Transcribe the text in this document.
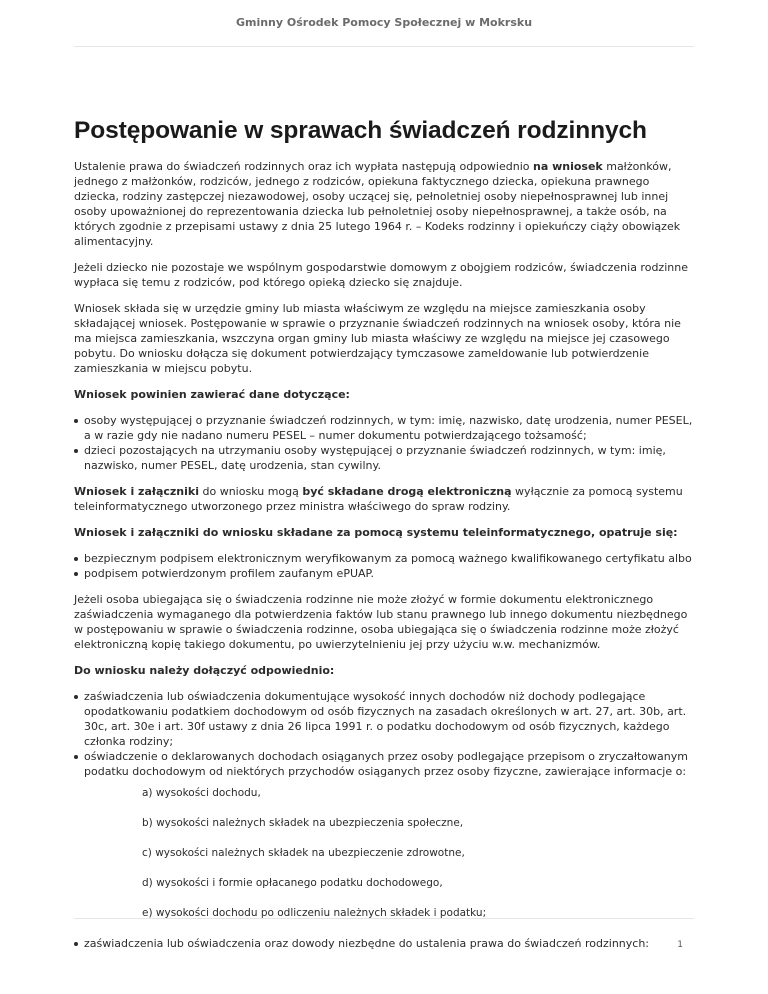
Gminny Ośrodek Pomocy Społecznej w Mokrsku
Postępowanie w sprawach świadczeń rodzinnych

Ustalenie prawa do świadczeń rodzinnych oraz ich wypłata następują odpowiednio na wniosek małżonków, jednego z małżonków, rodziców, jednego z rodziców, opiekuna faktycznego dziecka, opiekuna prawnego dziecka, rodziny zastępczej niezawodowej, osoby uczącej się, pełnoletniej osoby niepełnosprawnej lub innej osoby upoważnionej do reprezentowania dziecka lub pełnoletniej osoby niepełnosprawnej, a także osób, na których zgodnie z przepisami ustawy z dnia 25 lutego 1964 r. – Kodeks rodzinny i opiekuńczy ciąży obowiązek alimentacyjny.

Jeżeli dziecko nie pozostaje we wspólnym gospodarstwie domowym z obojgiem rodziców, świadczenia rodzinne wypłaca się temu z rodziców, pod którego opieką dziecko się znajduje.

Wniosek składa się w urzędzie gminy lub miasta właściwym ze względu na miejsce zamieszkania osoby składającej wniosek. Postępowanie w sprawie o przyznanie świadczeń rodzinnych na wniosek osoby, która nie ma miejsca zamieszkania, wszczyna organ gminy lub miasta właściwy ze względu na miejsce jej czasowego pobytu. Do wniosku dołącza się dokument potwierdzający tymczasowe zameldowanie lub potwierdzenie zamieszkania w miejscu pobytu.

Wniosek powinien zawierać dane dotyczące:

osoby występującej o przyznanie świadczeń rodzinnych, w tym: imię, nazwisko, datę urodzenia, numer PESEL, a w razie gdy nie nadano numeru PESEL – numer dokumentu potwierdzającego tożsamość;
dzieci pozostających na utrzymaniu osoby występującej o przyznanie świadczeń rodzinnych, w tym: imię, nazwisko, numer PESEL, datę urodzenia, stan cywilny.

Wniosek i załączniki do wniosku mogą być składane drogą elektroniczną wyłącznie za pomocą systemu teleinformatycznego utworzonego przez ministra właściwego do spraw rodziny.

Wniosek i załączniki do wniosku składane za pomocą systemu teleinformatycznego, opatruje się:

bezpiecznym podpisem elektronicznym weryfikowanym za pomocą ważnego kwalifikowanego certyfikatu albo
podpisem potwierdzonym profilem zaufanym ePUAP.

Jeżeli osoba ubiegająca się o świadczenia rodzinne nie może złożyć w formie dokumentu elektronicznego zaświadczenia wymaganego dla potwierdzenia faktów lub stanu prawnego lub innego dokumentu niezbędnego w postępowaniu w sprawie o świadczenia rodzinne, osoba ubiegająca się o świadczenia rodzinne może złożyć elektroniczną kopię takiego dokumentu, po uwierzytelnieniu jej przy użyciu w.w. mechanizmów.

Do wniosku należy dołączyć odpowiednio:

zaświadczenia lub oświadczenia dokumentujące wysokość innych dochodów niż dochody podlegające opodatkowaniu podatkiem dochodowym od osób fizycznych na zasadach określonych w art. 27, art. 30b, art. 30c, art. 30e i art. 30f ustawy z dnia 26 lipca 1991 r. o podatku dochodowym od osób fizycznych, każdego członka rodziny;
oświadczenie o deklarowanych dochodach osiąganych przez osoby podlegające przepisom o zryczałtowanym podatku dochodowym od niektórych przychodów osiąganych przez osoby fizyczne, zawierające informacje o:
a) wysokości dochodu,
b) wysokości należnych składek na ubezpieczenia społeczne,
c) wysokości należnych składek na ubezpieczenie zdrowotne,
d) wysokości i formie opłacanego podatku dochodowego,
e) wysokości dochodu po odliczeniu należnych składek i podatku;
zaświadczenia lub oświadczenia oraz dowody niezbędne do ustalenia prawa do świadczeń rodzinnych:	1
